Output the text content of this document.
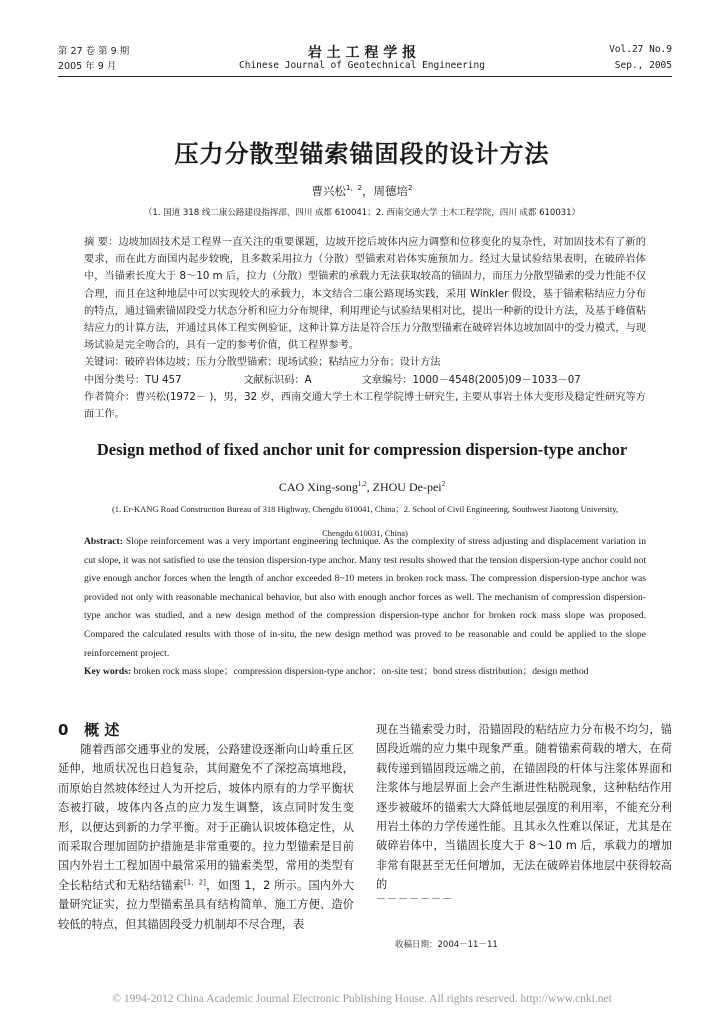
第 27 卷 第 9 期
2005 年 9 月
岩 土 工 程 学 报
Chinese Journal of Geotechnical Engineering
Vol.27 No.9
Sep., 2005
压力分散型锚索锚固段的设计方法
曹兴松$^{1,2}$，周德培$^2$
（1. 国道 318 线二康公路建设指挥部，四川 成都 610041；2. 西南交通大学 土木工程学院，四川 成都 610031）

摘 要：边坡加固技术是工程界一直关注的重要课题，边坡开挖后坡体内应力调整和位移变化的复杂性，对加固技术有了新的要求，而在此方面国内起步较晚，且多数采用拉力（分散）型锚索对岩体实施预加力。经过大量试验结果表明，在破碎岩体中，当锚索长度大于 8～10 m 后，拉力（分散）型锚索的承载力无法获取较高的锚固力，而压力分散型锚索的受力性能不仅合理，而且在这种地层中可以实现较大的承载力，本文结合二康公路现场实践，采用 Winkler 假设，基于锚索粘结应力分布的特点，通过锚索锚固段受力状态分析和应力分布规律，利用理论与试验结果相对比，提出一种新的设计方法，及基于峰值粘结应力的计算方法，并通过具体工程实例验证，这种计算方法是符合压力分散型锚索在破碎岩体边坡加固中的受力模式，与现场试验是完全吻合的，具有一定的参考价值，供工程界参考。

关键词：破碎岩体边坡；压力分散型锚索；现场试验；粘结应力分布；设计方法

中图分类号：TU 457	文献标识码：A	文章编号：1000－4548(2005)09－1033－07

作者简介：曹兴松(1972－ )，男，32 岁，西南交通大学土木工程学院博士研究生, 主要从事岩土体大变形及稳定性研究等方面工作。

Design method of fixed anchor unit for compression dispersion-type anchor
CAO Xing-song$^{1,2}$, ZHOU De-pei$^2$
(1. Er-KANG Road Construction Bureau of 318 Highway, Chengdu 610041, China；2. School of Civil Engineering, Southwest Jiaotong University, Chengdu 610031, China)

Abstract: Slope reinforcement was a very important engineering technique. As the complexity of stress adjusting and displacement variation in cut slope, it was not satisfied to use the tension dispersion-type anchor. Many test results showed that the tension dispersion-type anchor could not give enough anchor forces when the length of anchor exceeded 8~10 meters in broken rock mass. The compression dispersion-type anchor was provided not only with reasonable mechanical behavior, but also with enough anchor forces as well. The mechanism of compression dispersion-type anchor was studied, and a new design method of the compression dispersion-type anchor for broken rock mass slope was proposed. Compared the calculated results with those of in-situ, the new design method was proved to be reasonable and could be applied to the slope reinforcement project.

Key words: broken rock mass slope；compression dispersion-type anchor；on-site test；bond stress distribution；design method

0 概 述

随着西部交通事业的发展，公路建设逐渐向山岭重丘区延伸，地质状况也日趋复杂，其间避免不了深挖高填地段，而原始自然坡体经过人为开挖后，坡体内原有的力学平衡状态被打破，坡体内各点的应力发生调整，该点同时发生变形，以便达到新的力学平衡。对于正确认识坡体稳定性，从而采取合理加固防护措施是非常重要的。拉力型锚索是目前国内外岩土工程加固中最常采用的锚索类型，常用的类型有全长粘结式和无粘结锚索[1，2]，如图 1，2 所示。国内外大量研究证实，拉力型锚索虽具有结构简单、施工方便、造价较低的特点，但其锚固段受力机制却不尽合理，表

现在当锚索受力时，沿锚固段的粘结应力分布极不均匀，锚固段近端的应力集中现象严重。随着锚索荷载的增大，在荷载传递到锚固段远端之前，在锚固段的杆体与注浆体界面和注浆体与地层界面上会产生渐进性粘脱现象，这种粘结作用逐步被破坏的锚索大大降低地层强度的利用率，不能充分利用岩土体的力学传递性能。且其永久性难以保证，尤其是在破碎岩体中，当锚固长度大于 8～10 m 后，承载力的增加非常有限甚至无任何增加，无法在破碎岩体地层中获得较高的

－－－－－－－
收稿日期：2004－11－11
© 1994-2012 China Academic Journal Electronic Publishing House. All rights reserved. http://www.cnki.net
